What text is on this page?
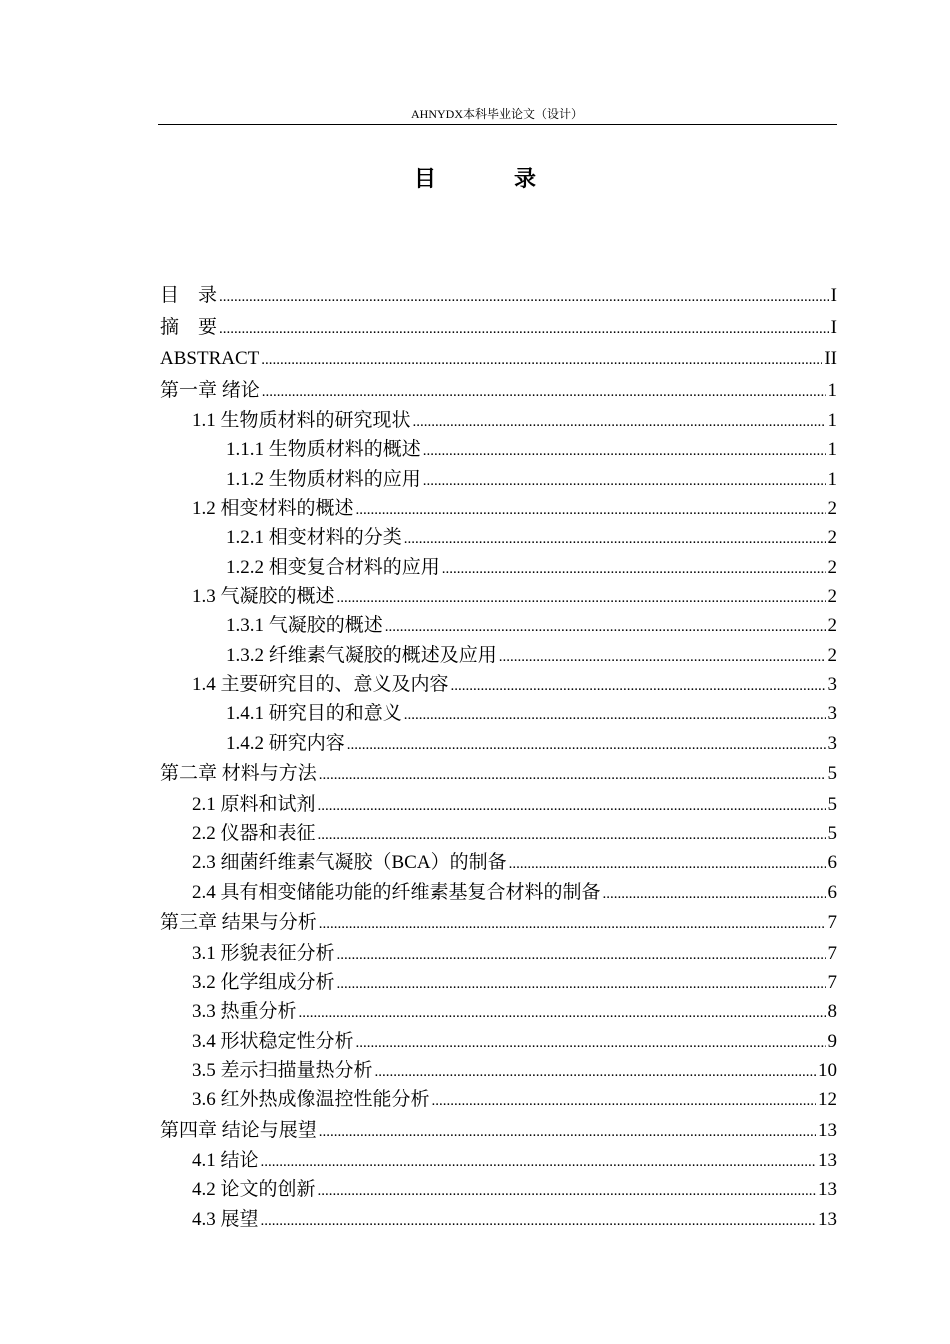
AHNYDX本科毕业论文（设计）
目　录
目　录 .....	I
摘　要 .....	I
ABSTRACT .....	II
第一章 绪论 .....	1
1.1 生物质材料的研究现状 .....	1
1.1.1 生物质材料的概述 .....	1
1.1.2 生物质材料的应用 .....	1
1.2 相变材料的概述 .....	2
1.2.1 相变材料的分类 .....	2
1.2.2 相变复合材料的应用 .....	2
1.3 气凝胶的概述 .....	2
1.3.1 气凝胶的概述 .....	2
1.3.2 纤维素气凝胶的概述及应用 .....	2
1.4 主要研究目的、意义及内容 .....	3
1.4.1 研究目的和意义 .....	3
1.4.2 研究内容 .....	3
第二章 材料与方法 .....	5
2.1 原料和试剂 .....	5
2.2 仪器和表征 .....	5
2.3 细菌纤维素气凝胶（BCA）的制备 .....	6
2.4 具有相变储能功能的纤维素基复合材料的制备 .....	6
第三章 结果与分析 .....	7
3.1 形貌表征分析 .....	7
3.2 化学组成分析 .....	7
3.3 热重分析 .....	8
3.4 形状稳定性分析 .....	9
3.5 差示扫描量热分析 .....	10
3.6 红外热成像温控性能分析 .....	12
第四章 结论与展望 .....	13
4.1 结论 .....	13
4.2 论文的创新 .....	13
4.3 展望 .....	13
